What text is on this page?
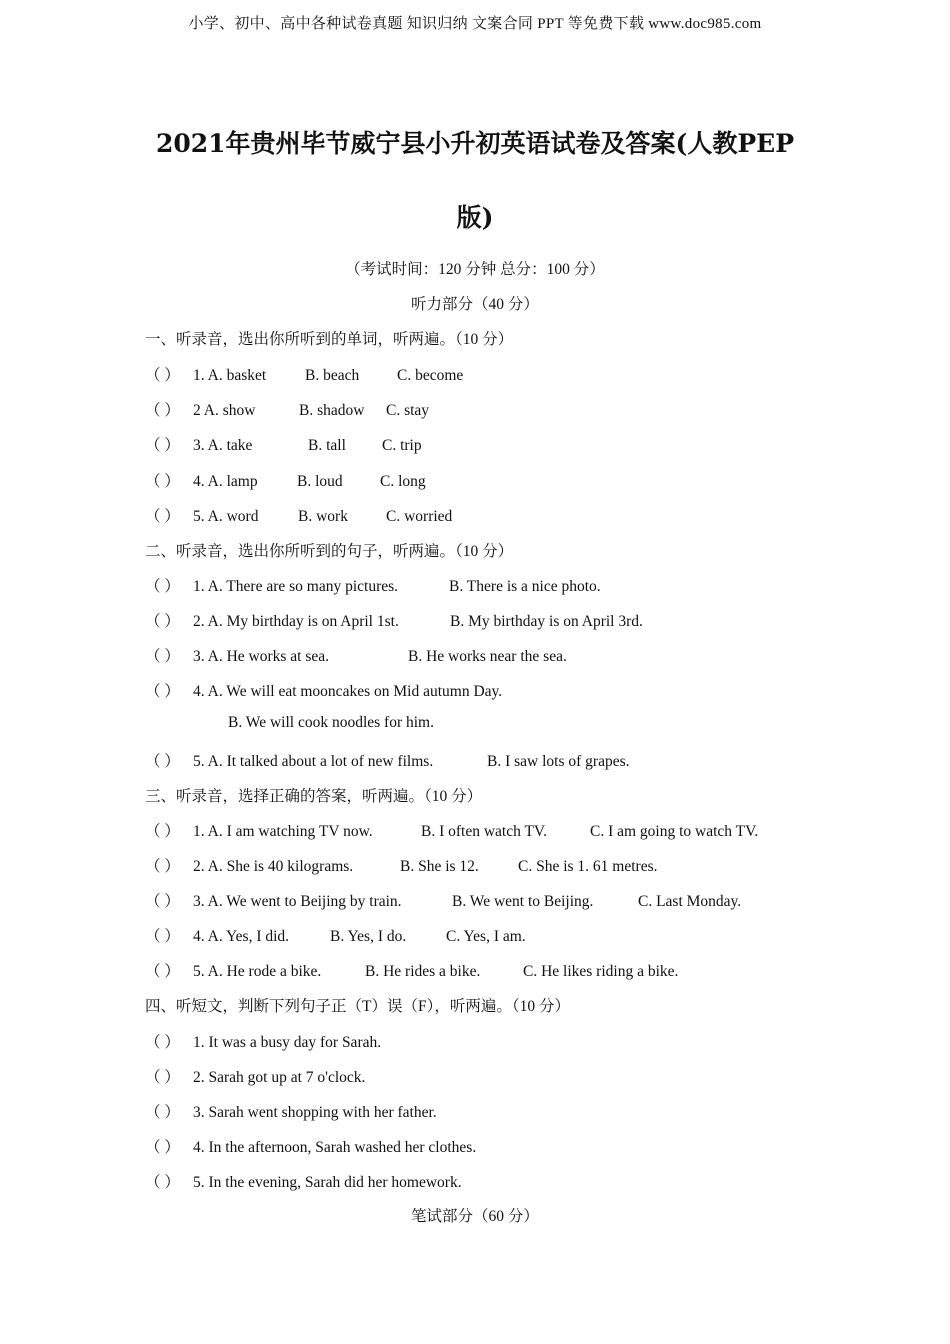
小学、初中、高中各种试卷真题 知识归纳 文案合同 PPT 等免费下载 www.doc985.com
2021年贵州毕节威宁县小升初英语试卷及答案(人教PEP
版)
（考试时间：120 分钟 总分：100 分）
听力部分（40 分）
一、听录音，选出你所听到的单词，听两遍。（10 分）
（ ） 1. A. basket	B. beach C. become
（ ） 2 A. show	B. shadow C. stay
（ ） 3. A. take	B. tall C. trip
（ ） 4. A. lamp	B. loud C. long
（ ） 5. A. word	B. work C. worried
二、听录音，选出你所听到的句子，听两遍。（10 分）
（ ） 1. A. There are so many pictures.	B. There is a nice photo.
（ ） 2. A. My birthday is on April 1st.	B. My birthday is on April 3rd.
（ ） 3. A. He works at sea.	B. He works near the sea.
（ ） 4. A. We will eat mooncakes on Mid autumn Day.
B. We will cook noodles for him.
（ ） 5. A. It talked about a lot of new films.	B. I saw lots of grapes.
三、听录音，选择正确的答案，听两遍。（10 分）
（ ） 1. A. I am watching TV now.	B. I often watch TV.	C. I am going to watch TV.
（ ） 2. A. She is 40 kilograms.	B. She is 12.	C. She is 1. 61 metres.
（ ） 3. A. We went to Beijing by train.	B. We went to Beijing.	C. Last Monday.
（ ） 4. A. Yes, I did.	B. Yes, I do.	C. Yes, I am.
（ ） 5. A. He rode a bike.	B. He rides a bike.	C. He likes riding a bike.
四、听短文，判断下列句子正（T）误（F），听两遍。（10 分）
（ ） 1. It was a busy day for Sarah.
（ ） 2. Sarah got up at 7 o'clock.
（ ） 3. Sarah went shopping with her father.
（ ） 4. In the afternoon, Sarah washed her clothes.
（ ） 5. In the evening, Sarah did her homework.
笔试部分（60 分）
